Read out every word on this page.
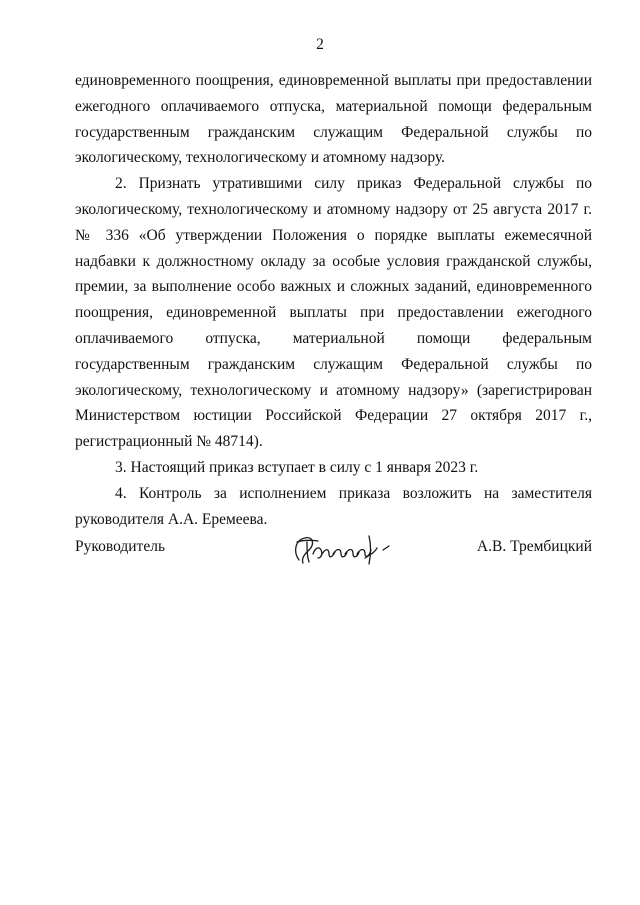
2

единовременного поощрения, единовременной выплаты при предоставлении ежегодного оплачиваемого отпуска, материальной помощи федеральным государственным гражданским служащим Федеральной службы по экологическому, технологическому и атомному надзору.

2. Признать утратившими силу приказ Федеральной службы по экологическому, технологическому и атомному надзору от 25 августа 2017 г. № 336 «Об утверждении Положения о порядке выплаты ежемесячной надбавки к должностному окладу за особые условия гражданской службы, премии, за выполнение особо важных и сложных заданий, единовременного поощрения, единовременной выплаты при предоставлении ежегодного оплачиваемого отпуска, материальной помощи федеральным государственным гражданским служащим Федеральной службы по экологическому, технологическому и атомному надзору» (зарегистрирован Министерством юстиции Российской Федерации 27 октября 2017 г., регистрационный № 48714).

3. Настоящий приказ вступает в силу с 1 января 2023 г.

4. Контроль за исполнением приказа возложить на заместителя руководителя А.А. Еремеева.

Руководитель	А.В. Трембицкий
